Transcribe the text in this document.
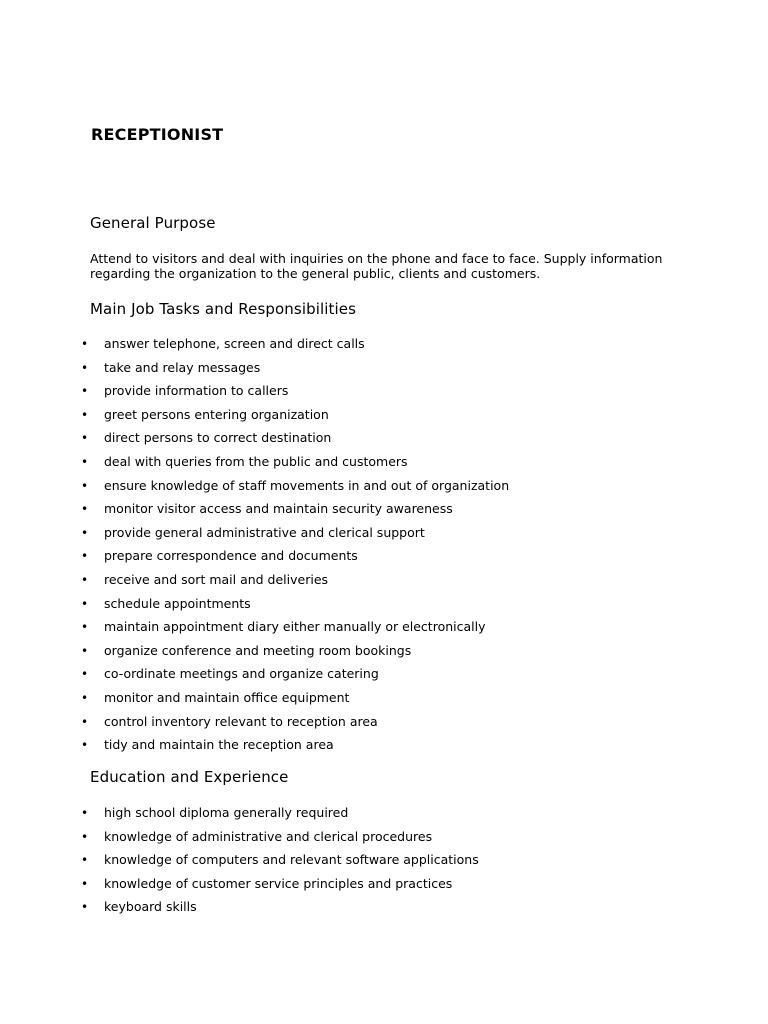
RECEPTIONIST
General Purpose

Attend to visitors and deal with inquiries on the phone and face to face. Supply information regarding the organization to the general public, clients and customers.

Main Job Tasks and Responsibilities
• answer telephone, screen and direct calls
• take and relay messages
• provide information to callers
• greet persons entering organization
• direct persons to correct destination
• deal with queries from the public and customers
• ensure knowledge of staff movements in and out of organization
• monitor visitor access and maintain security awareness
• provide general administrative and clerical support
• prepare correspondence and documents
• receive and sort mail and deliveries
• schedule appointments
• maintain appointment diary either manually or electronically
• organize conference and meeting room bookings
• co-ordinate meetings and organize catering
• monitor and maintain office equipment
• control inventory relevant to reception area
• tidy and maintain the reception area
Education and Experience
• high school diploma generally required
• knowledge of administrative and clerical procedures
• knowledge of computers and relevant software applications
• knowledge of customer service principles and practices
• keyboard skills
